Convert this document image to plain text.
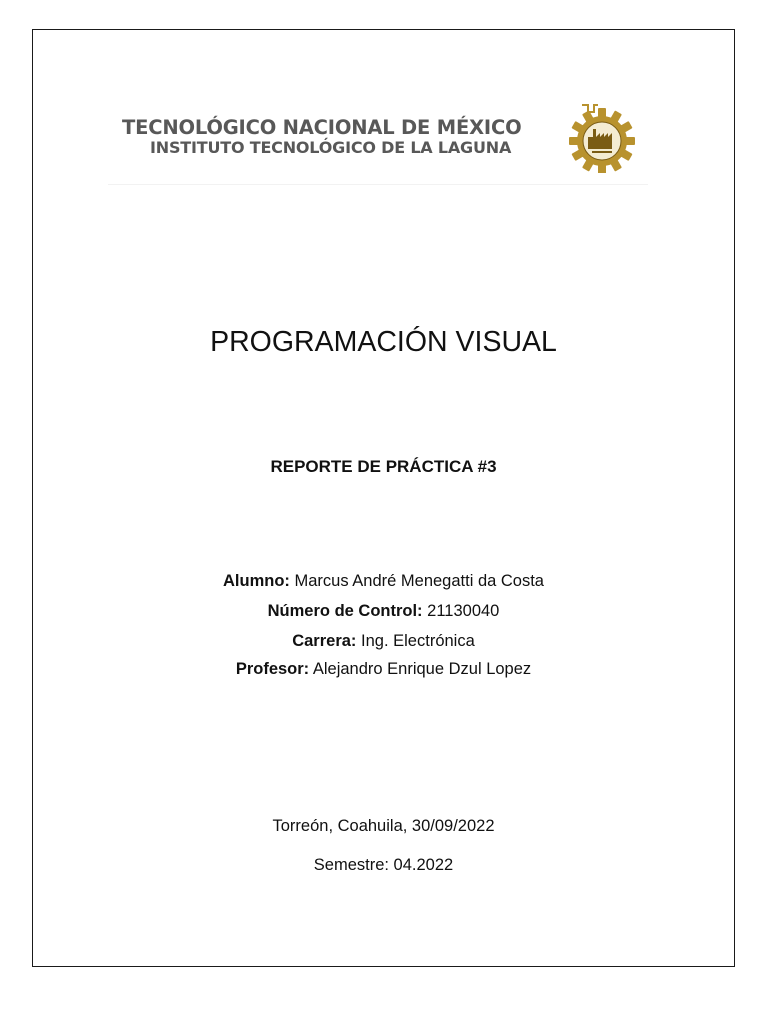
TECNOLÓGICO NACIONAL DE MÉXICO
INSTITUTO TECNOLÓGICO DE LA LAGUNA
PROGRAMACIÓN VISUAL
REPORTE DE PRÁCTICA #3
Alumno: Marcus André Menegatti da Costa
Número de Control: 21130040
Carrera: Ing. Electrónica
Profesor: Alejandro Enrique Dzul Lopez
Torreón, Coahuila, 30/09/2022
Semestre: 04.2022
